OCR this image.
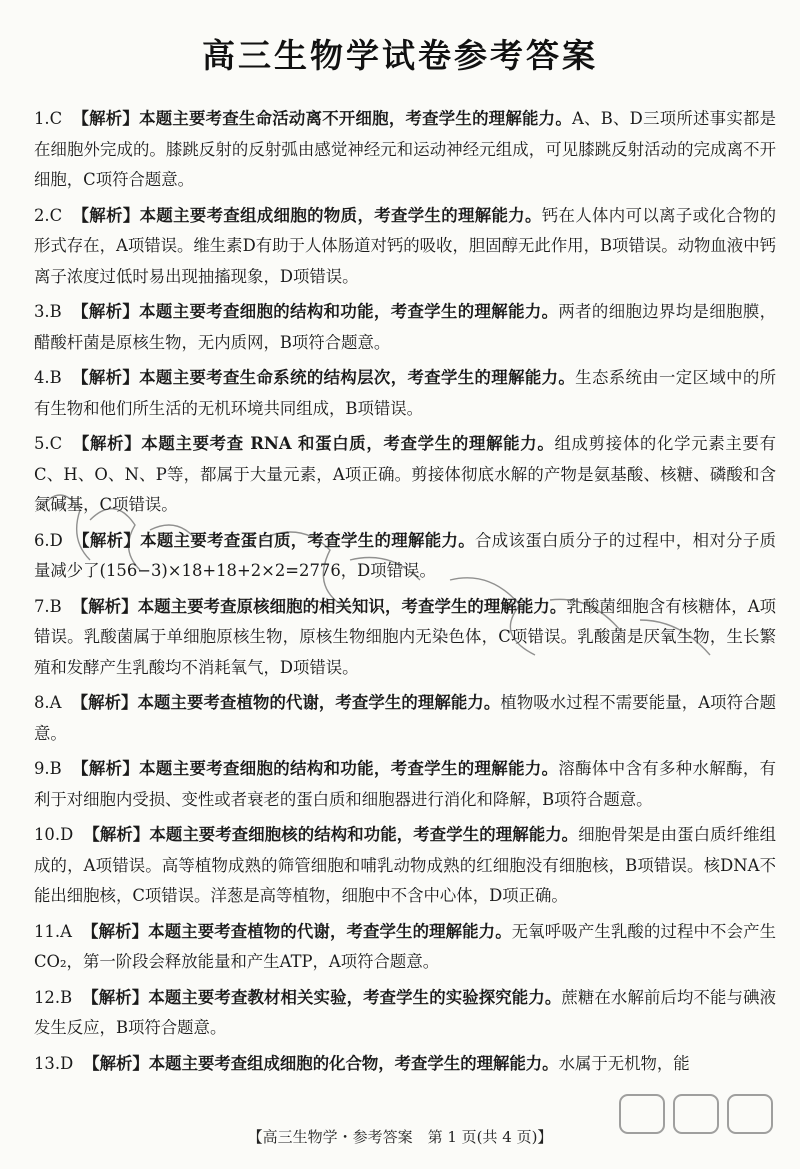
高三生物学试卷参考答案
1.C 【解析】本题主要考查生命活动离不开细胞，考查学生的理解能力。A、B、D三项所述事实都是在细胞外完成的。膝跳反射的反射弧由感觉神经元和运动神经元组成，可见膝跳反射活动的完成离不开细胞，C项符合题意。
2.C 【解析】本题主要考查组成细胞的物质，考查学生的理解能力。钙在人体内可以离子或化合物的形式存在，A项错误。维生素D有助于人体肠道对钙的吸收，胆固醇无此作用，B项错误。动物血液中钙离子浓度过低时易出现抽搐现象，D项错误。
3.B 【解析】本题主要考查细胞的结构和功能，考查学生的理解能力。两者的细胞边界均是细胞膜，醋酸杆菌是原核生物，无内质网，B项符合题意。
4.B 【解析】本题主要考查生命系统的结构层次，考查学生的理解能力。生态系统由一定区域中的所有生物和他们所生活的无机环境共同组成，B项错误。
5.C 【解析】本题主要考查 RNA 和蛋白质，考查学生的理解能力。组成剪接体的化学元素主要有C、H、O、N、P等，都属于大量元素，A项正确。剪接体彻底水解的产物是氨基酸、核糖、磷酸和含氮碱基，C项错误。
6.D 【解析】本题主要考查蛋白质，考查学生的理解能力。合成该蛋白质分子的过程中，相对分子质量减少了(156−3)×18+18+2×2=2776，D项错误。
7.B 【解析】本题主要考查原核细胞的相关知识，考查学生的理解能力。乳酸菌细胞含有核糖体，A项错误。乳酸菌属于单细胞原核生物，原核生物细胞内无染色体，C项错误。乳酸菌是厌氧生物，生长繁殖和发酵产生乳酸均不消耗氧气，D项错误。
8.A 【解析】本题主要考查植物的代谢，考查学生的理解能力。植物吸水过程不需要能量，A项符合题意。
9.B 【解析】本题主要考查细胞的结构和功能，考查学生的理解能力。溶酶体中含有多种水解酶，有利于对细胞内受损、变性或者衰老的蛋白质和细胞器进行消化和降解，B项符合题意。
10.D 【解析】本题主要考查细胞核的结构和功能，考查学生的理解能力。细胞骨架是由蛋白质纤维组成的，A项错误。高等植物成熟的筛管细胞和哺乳动物成熟的红细胞没有细胞核，B项错误。核DNA不能出细胞核，C项错误。洋葱是高等植物，细胞中不含中心体，D项正确。
11.A 【解析】本题主要考查植物的代谢，考查学生的理解能力。无氧呼吸产生乳酸的过程中不会产生CO₂，第一阶段会释放能量和产生ATP，A项符合题意。
12.B 【解析】本题主要考查教材相关实验，考查学生的实验探究能力。蔗糖在水解前后均不能与碘液发生反应，B项符合题意。
13.D 【解析】本题主要考查组成细胞的化合物，考查学生的理解能力。水属于无机物，能
【高三生物学・参考答案　第 1 页(共 4 页)】
